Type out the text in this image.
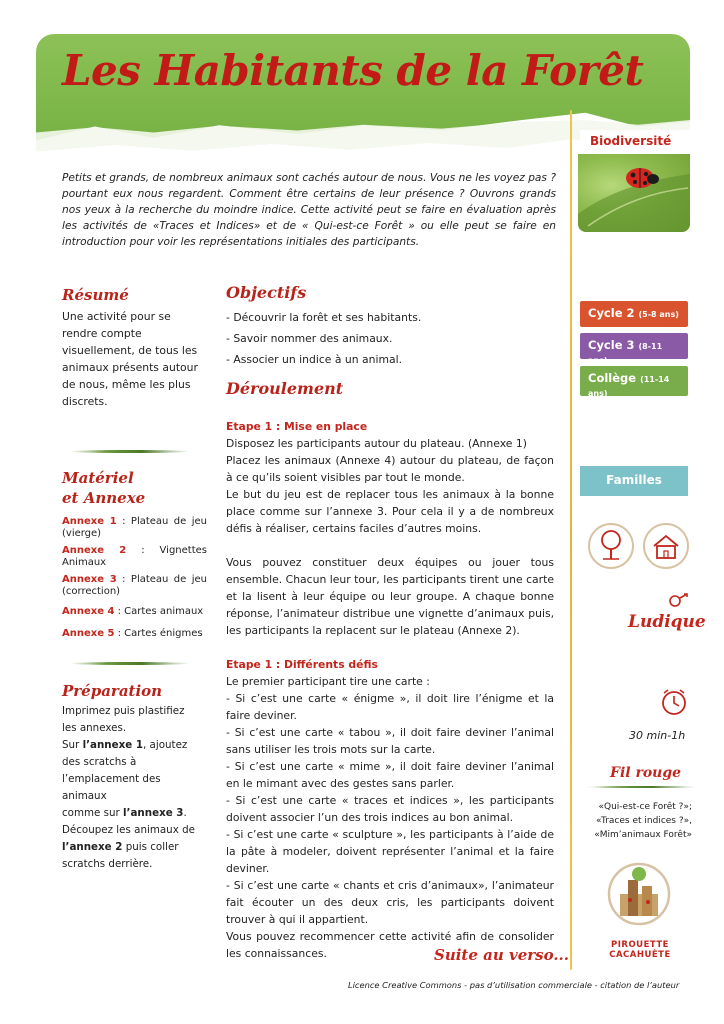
Les Habitants de la Forêt
Petits et grands, de nombreux animaux sont cachés autour de nous. Vous ne les voyez pas ? pourtant eux nous regardent. Comment être certains de leur présence ? Ouvrons grands nos yeux à la recherche du moindre indice. Cette activité peut se faire en évaluation après les activités de «Traces et Indices» et de « Qui-est-ce Forêt » ou elle peut se faire en introduction pour voir les représentations initiales des participants.
Résumé
Une activité pour se rendre compte visuellement, de tous les animaux présents autour de nous, même les plus discrets.
Matériel
et Annexe
Annexe 1 : Plateau de jeu (vierge)
Annexe 2 : Vignettes Animaux
Annexe 3 : Plateau de jeu (correction)
Annexe 4 : Cartes animaux
Annexe 5 : Cartes énigmes
Préparation
Imprimez puis plastifiez les annexes.
Sur l’annexe 1, ajoutez des scratchs à l’emplacement des animaux
comme sur l’annexe 3.
Découpez les animaux de l’annexe 2 puis coller scratchs derrière.
Objectifs
- Découvrir la forêt et ses habitants.
- Savoir nommer des animaux.
- Associer un indice à un animal.
Déroulement

Etape 1 : Mise en place

Disposez les participants autour du plateau. (Annexe 1)

Placez les animaux (Annexe 4) autour du plateau, de façon à ce qu’ils soient visibles par tout le monde.

Le but du jeu est de replacer tous les animaux à la bonne place comme sur l’annexe 3. Pour cela il y a de nombreux défis à réaliser, certains faciles d’autres moins.

Vous pouvez constituer deux équipes ou jouer tous ensemble. Chacun leur tour, les participants tirent une carte et la lisent à leur équipe ou leur groupe. A chaque bonne réponse, l’animateur distribue une vignette d’animaux puis, les participants la replacent sur le plateau (Annexe 2).

Etape 1 : Différents défis

Le premier participant tire une carte :

- Si c’est une carte « énigme », il doit lire l’énigme et la faire deviner.

- Si c’est une carte « tabou », il doit faire deviner l’animal sans utiliser les trois mots sur la carte.

- Si c’est une carte « mime », il doit faire deviner l’animal en le mimant avec des gestes sans parler.

- Si c’est une carte « traces et indices », les participants doivent associer l’un des trois indices au bon animal.

- Si c’est une carte « sculpture », les participants à l’aide de la pâte à modeler, doivent représenter l’animal et la faire deviner.

- Si c’est une carte « chants et cris d’animaux», l’animateur fait écouter un des deux cris, les participants doivent trouver à qui il appartient.

Vous pouvez recommencer cette activité afin de consolider les connaissances.

Biodiversité
Cycle 2 (5-8 ans)
Cycle 3 (8-11 ans)
Collège (11-14 ans)
Familles
Ludique
30 min-1h
Fil rouge
«Qui-est-ce Forêt ?»; «Traces et indices ?», «Mim’animaux Forêt»
PIROUETTE
CACAHUÈTE
Suite au verso...
Licence Creative Commons - pas d’utilisation commerciale - citation de l’auteur
